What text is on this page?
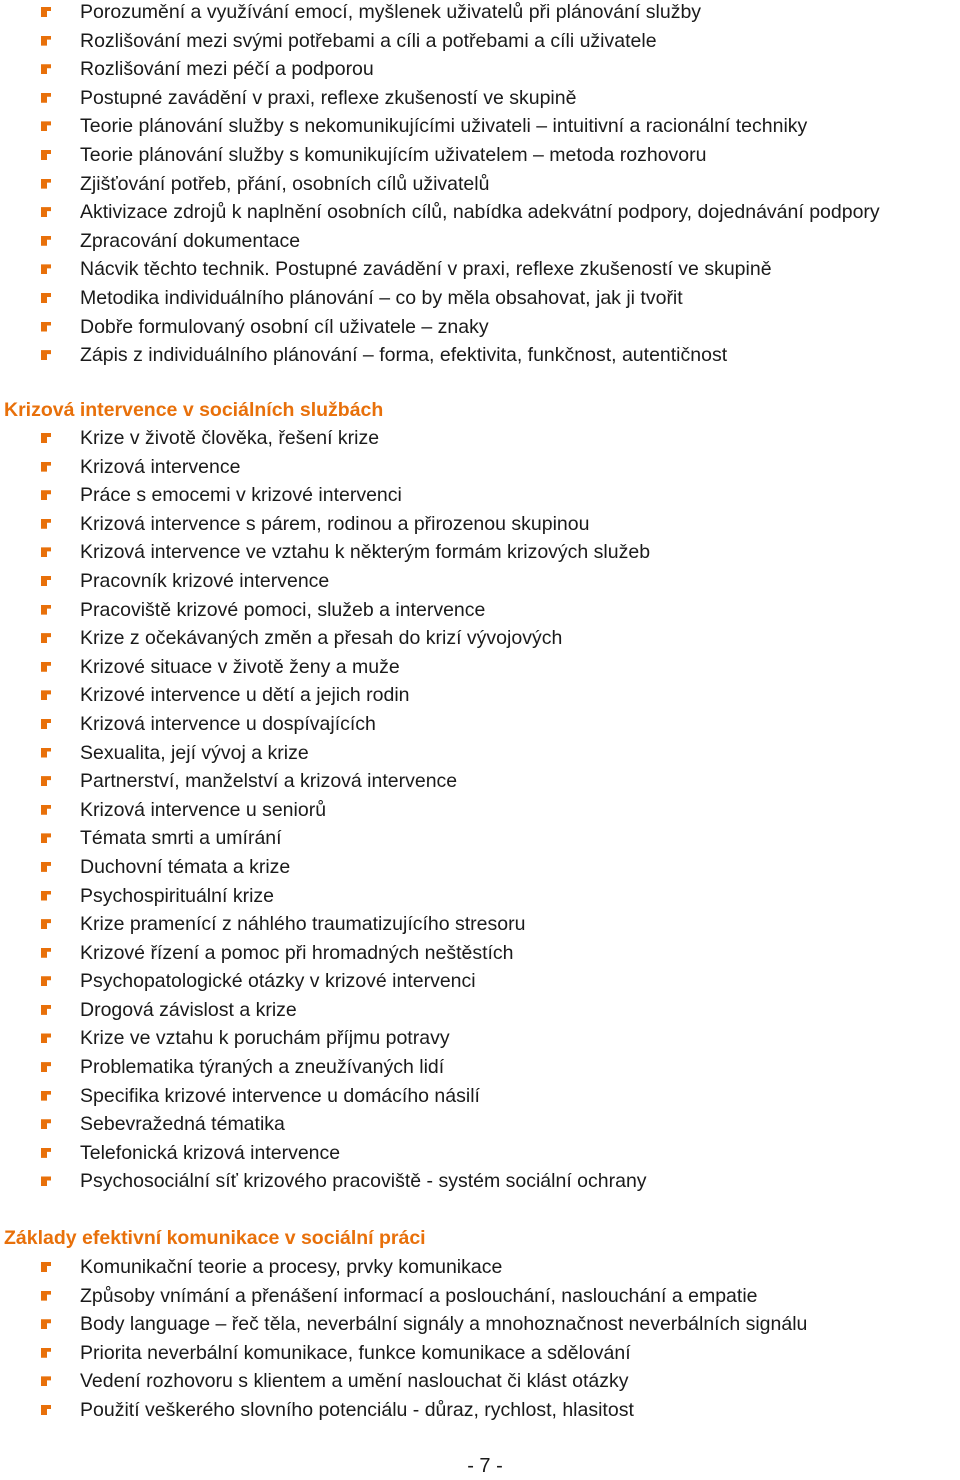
Porozumění a využívání emocí, myšlenek uživatelů při plánování služby
Rozlišování mezi svými potřebami a cíli a potřebami a cíli uživatele
Rozlišování mezi péčí a podporou
Postupné zavádění v praxi, reflexe zkušeností ve skupině
Teorie plánování služby s nekomunikujícími uživateli – intuitivní a racionální techniky
Teorie plánování služby s komunikujícím uživatelem – metoda rozhovoru
Zjišťování potřeb, přání, osobních cílů uživatelů
Aktivizace zdrojů k naplnění osobních cílů, nabídka adekvátní podpory, dojednávání podpory
Zpracování dokumentace
Nácvik těchto technik. Postupné zavádění v praxi, reflexe zkušeností ve skupině
Metodika individuálního plánování – co by měla obsahovat, jak ji tvořit
Dobře formulovaný osobní cíl uživatele – znaky
Zápis z individuálního plánování – forma, efektivita, funkčnost, autentičnost
Krizová intervence v sociálních službách
Krize v životě člověka, řešení krize
Krizová intervence
Práce s emocemi v krizové intervenci
Krizová intervence s párem, rodinou a přirozenou skupinou
Krizová intervence ve vztahu k některým formám krizových služeb
Pracovník krizové intervence
Pracoviště krizové pomoci, služeb a intervence
Krize z očekávaných změn a přesah do krizí vývojových
Krizové situace v životě ženy a muže
Krizové intervence u dětí a jejich rodin
Krizová intervence u dospívajících
Sexualita, její vývoj a krize
Partnerství, manželství a krizová intervence
Krizová intervence u seniorů
Témata smrti a umírání
Duchovní témata a krize
Psychospirituální krize
Krize pramenící z náhlého traumatizujícího stresoru
Krizové řízení a pomoc při hromadných neštěstích
Psychopatologické otázky v krizové intervenci
Drogová závislost a krize
Krize ve vztahu k poruchám příjmu potravy
Problematika týraných a zneužívaných lidí
Specifika krizové intervence u domácího násilí
Sebevražedná tématika
Telefonická krizová intervence
Psychosociální síť krizového pracoviště - systém sociální ochrany
Základy efektivní komunikace v sociální práci
Komunikační teorie a procesy, prvky komunikace
Způsoby vnímání a přenášení informací a poslouchání, naslouchání a empatie
Body language – řeč těla, neverbální signály a mnohoznačnost neverbálních signálu
Priorita neverbální komunikace, funkce komunikace a sdělování
Vedení rozhovoru s klientem a umění naslouchat či klást otázky
Použití veškerého slovního potenciálu - důraz, rychlost, hlasitost
- 7 -
